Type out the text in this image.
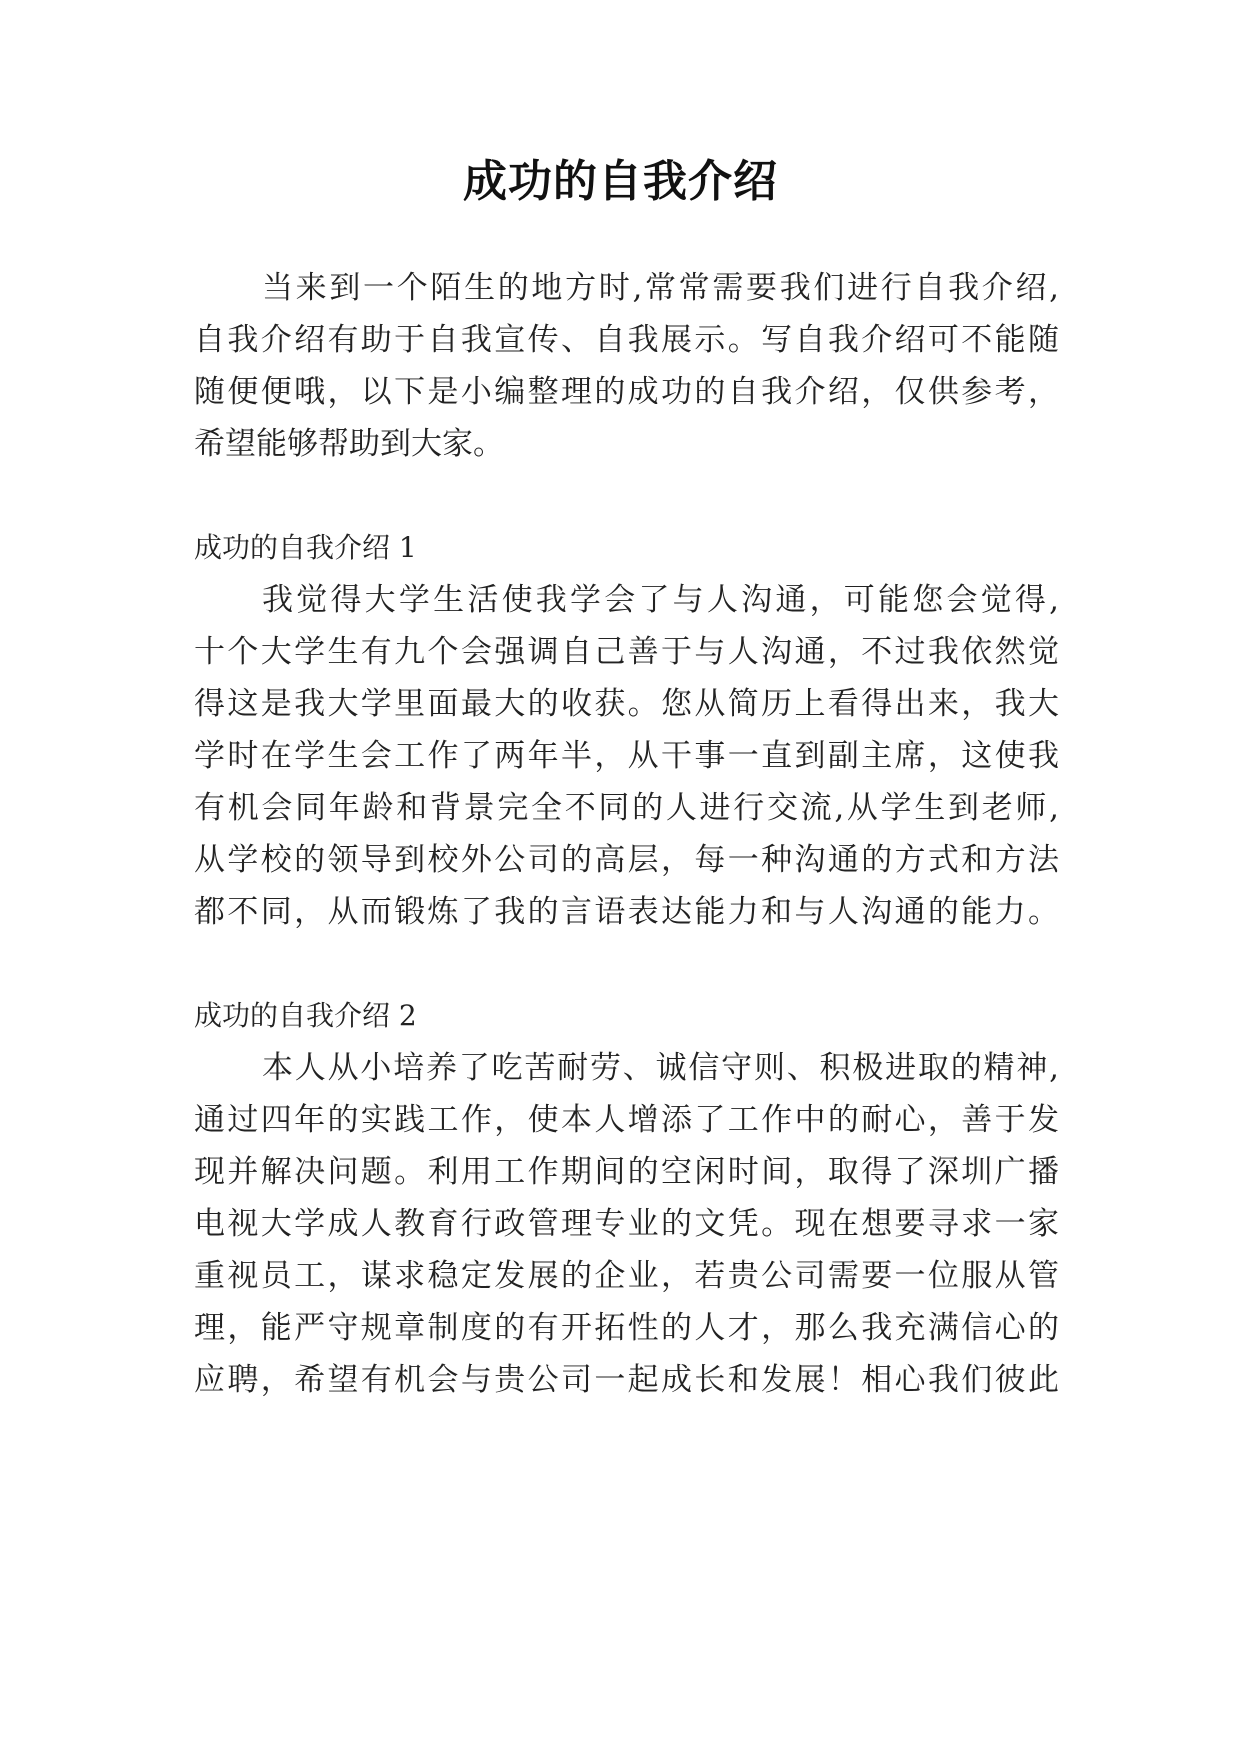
成功的自我介绍
当来到一个陌生的地方时,常常需要我们进行自我介绍,
自我介绍有助于自我宣传、自我展示。写自我介绍可不能随
随便便哦，以下是小编整理的成功的自我介绍，仅供参考，
希望能够帮助到大家。
成功的自我介绍 1
我觉得大学生活使我学会了与人沟通，可能您会觉得,
十个大学生有九个会强调自己善于与人沟通，不过我依然觉
得这是我大学里面最大的收获。您从简历上看得出来，我大
学时在学生会工作了两年半，从干事一直到副主席，这使我
有机会同年龄和背景完全不同的人进行交流,从学生到老师,
从学校的领导到校外公司的高层，每一种沟通的方式和方法
都不同，从而锻炼了我的言语表达能力和与人沟通的能力。
成功的自我介绍 2
本人从小培养了吃苦耐劳、诚信守则、积极进取的精神,
通过四年的实践工作，使本人增添了工作中的耐心，善于发
现并解决问题。利用工作期间的空闲时间，取得了深圳广播
电视大学成人教育行政管理专业的文凭。现在想要寻求一家
重视员工，谋求稳定发展的企业，若贵公司需要一位服从管
理，能严守规章制度的有开拓性的人才，那么我充满信心的
应聘，希望有机会与贵公司一起成长和发展！相心我们彼此
